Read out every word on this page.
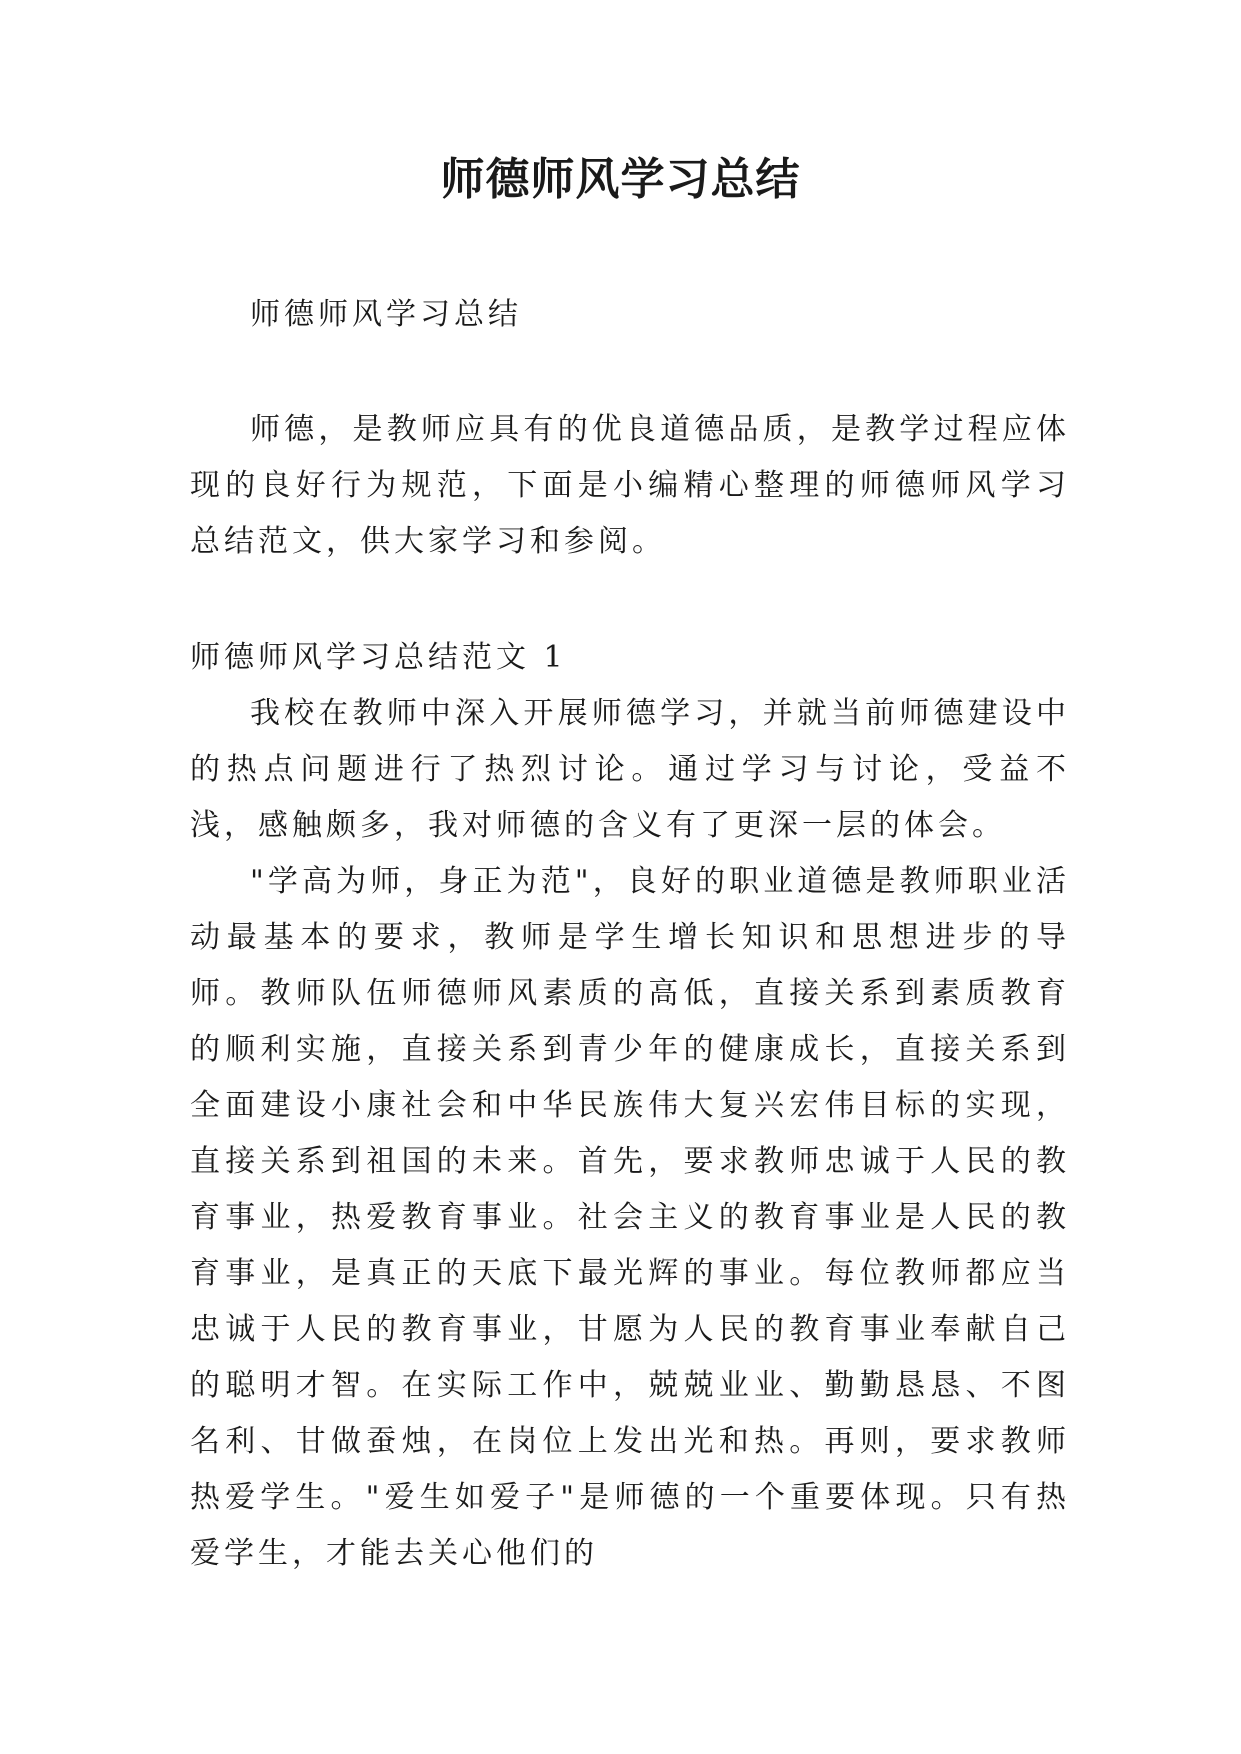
师德师风学习总结

师德师风学习总结

师德，是教师应具有的优良道德品质，是教学过程应体现的良好行为规范，下面是小编精心整理的师德师风学习总结范文，供大家学习和参阅。

师德师风学习总结范文 1

我校在教师中深入开展师德学习，并就当前师德建设中的热点问题进行了热烈讨论。通过学习与讨论，受益不浅，感触颇多，我对师德的含义有了更深一层的体会。

"学高为师，身正为范"，良好的职业道德是教师职业活动最基本的要求，教师是学生增长知识和思想进步的导师。教师队伍师德师风素质的高低，直接关系到素质教育的顺利实施，直接关系到青少年的健康成长，直接关系到全面建设小康社会和中华民族伟大复兴宏伟目标的实现，直接关系到祖国的未来。首先，要求教师忠诚于人民的教育事业，热爱教育事业。社会主义的教育事业是人民的教育事业，是真正的天底下最光辉的事业。每位教师都应当忠诚于人民的教育事业，甘愿为人民的教育事业奉献自己的聪明才智。在实际工作中，兢兢业业、勤勤恳恳、不图名利、甘做蚕烛，在岗位上发出光和热。再则，要求教师热爱学生。"爱生如爱子"是师德的一个重要体现。只有热爱学生，才能去关心他们的
